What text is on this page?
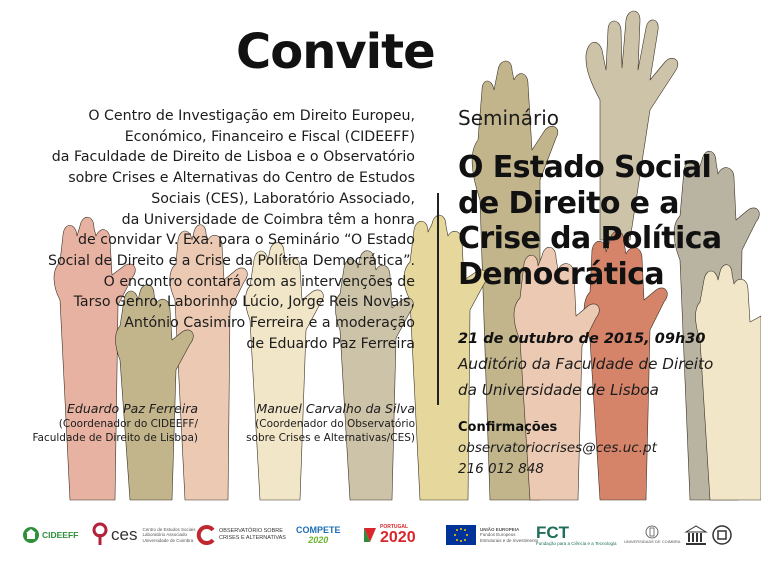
Convite
O Centro de Investigação em Direito Europeu,
Económico, Financeiro e Fiscal (CIDEEFF)
da Faculdade de Direito de Lisboa e o Observatório
sobre Crises e Alternativas do Centro de Estudos
Sociais (CES), Laboratório Associado,
da Universidade de Coimbra têm a honra
de convidar V. Exa. para o Seminário “O Estado
Social de Direito e a Crise da Política Democrática”.
O encontro contará com as intervenções de
Tarso Genro, Laborinho Lúcio, Jorge Reis Novais,
António Casimiro Ferreira e a moderação
de Eduardo Paz Ferreira
Eduardo Paz Ferreira
(Coordenador do CIDEEFF/
Faculdade de Direito de Lisboa)
Manuel Carvalho da Silva
(Coordenador do Observatório
sobre Crises e Alternativas/CES)
Seminário
O Estado Social
de Direito e a
Crise da Política
Democrática
21 de outubro de 2015, 09h30
Auditório da Faculdade de Direito
da Universidade de Lisboa
Confirmações
observatoriocrises@ces.uc.pt
216 012 848
CIDEEFF ces Centro de Estudos Sociais
Laboratório Associado
Universidade de Coimbra
OBSERVATÓRIO SOBRE
CRISES E ALTERNATIVAS
COMPETE
2020
PORTUGAL
2020	UNIÃO EUROPEIA
Fundos Europeus
Estruturais e de Investimento
FCT
Fundação para a Ciência e a Tecnologia UNIVERSIDADE DE COIMBRA
